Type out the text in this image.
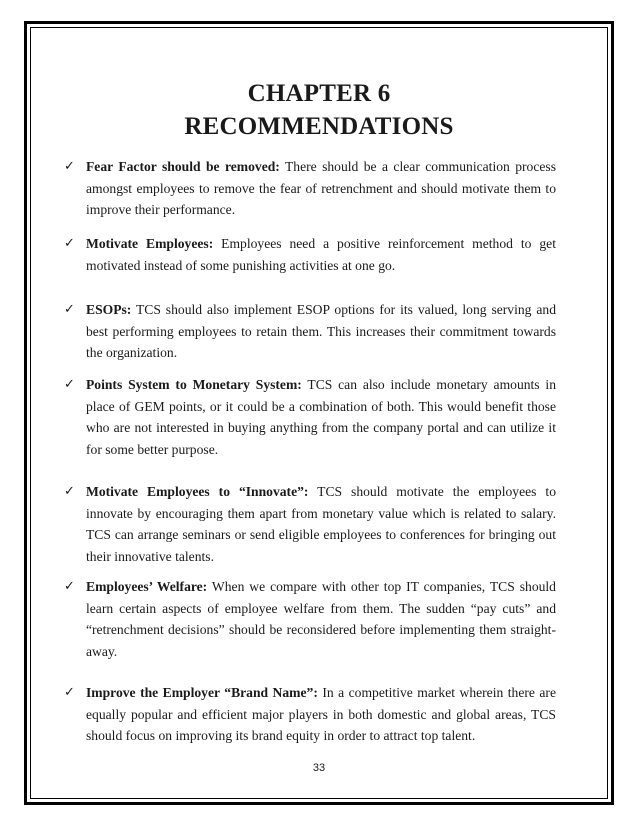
CHAPTER 6
RECOMMENDATIONS
✓ Fear Factor should be removed: There should be a clear communication process amongst employees to remove the fear of retrenchment and should motivate them to improve their performance.
✓ Motivate Employees: Employees need a positive reinforcement method to get motivated instead of some punishing activities at one go.
✓ ESOPs: TCS should also implement ESOP options for its valued, long serving and best performing employees to retain them. This increases their commitment towards the organization.
✓ Points System to Monetary System: TCS can also include monetary amounts in place of GEM points, or it could be a combination of both. This would benefit those who are not interested in buying anything from the company portal and can utilize it for some better purpose.
✓ Motivate Employees to “Innovate”: TCS should motivate the employees to innovate by encouraging them apart from monetary value which is related to salary. TCS can arrange seminars or send eligible employees to conferences for bringing out their innovative talents.
✓ Employees’ Welfare: When we compare with other top IT companies, TCS should learn certain aspects of employee welfare from them. The sudden “pay cuts” and “retrenchment decisions” should be reconsidered before implementing them straight-away.
✓ Improve the Employer “Brand Name”: In a competitive market wherein there are equally popular and efficient major players in both domestic and global areas, TCS should focus on improving its brand equity in order to attract top talent.
33
